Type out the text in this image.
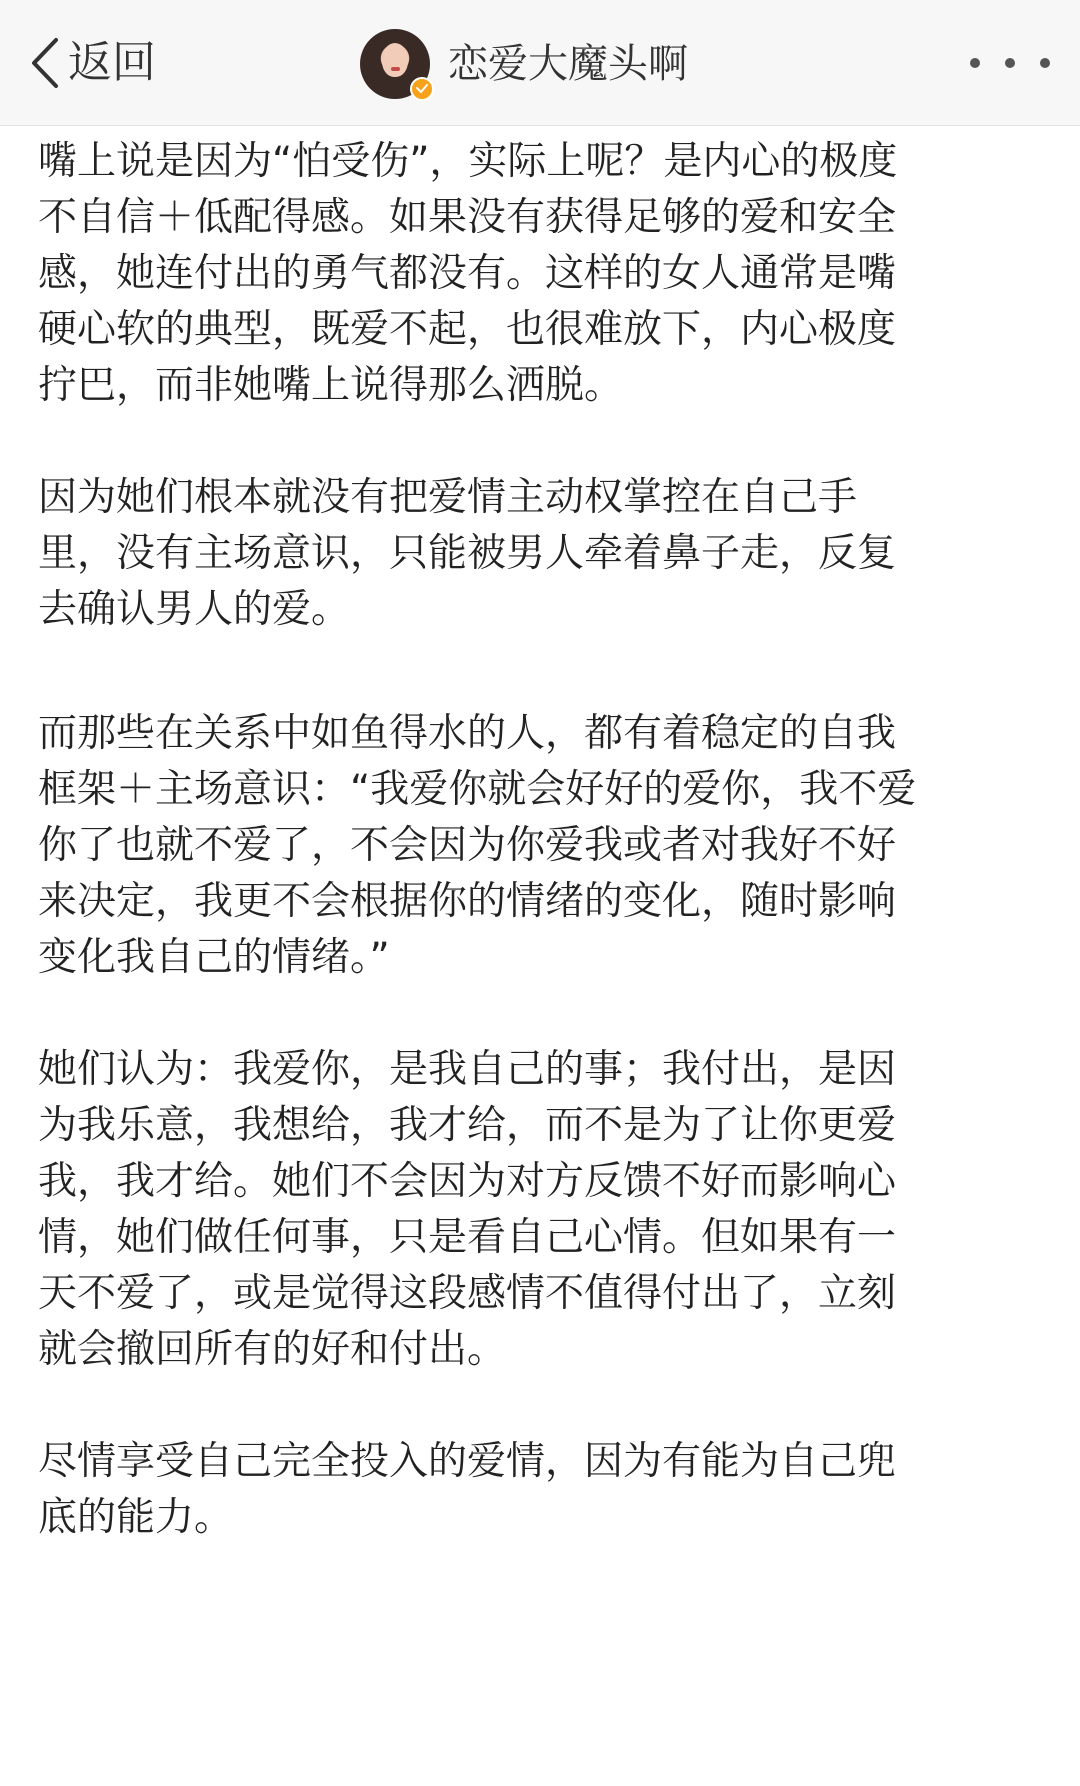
返回	恋爱大魔头啊

嘴上说是因为“怕受伤”，实际上呢？是内心的极度
不自信＋低配得感。如果没有获得足够的爱和安全
感，她连付出的勇气都没有。这样的女人通常是嘴
硬心软的典型，既爱不起，也很难放下，内心极度
拧巴，而非她嘴上说得那么洒脱。

因为她们根本就没有把爱情主动权掌控在自己手
里，没有主场意识，只能被男人牵着鼻子走，反复
去确认男人的爱。

而那些在关系中如鱼得水的人，都有着稳定的自我
框架＋主场意识：“我爱你就会好好的爱你，我不爱
你了也就不爱了，不会因为你爱我或者对我好不好
来决定，我更不会根据你的情绪的变化，随时影响
变化我自己的情绪。”

她们认为：我爱你，是我自己的事；我付出，是因
为我乐意，我想给，我才给，而不是为了让你更爱
我，我才给。她们不会因为对方反馈不好而影响心
情，她们做任何事，只是看自己心情。但如果有一
天不爱了，或是觉得这段感情不值得付出了，立刻
就会撤回所有的好和付出。

尽情享受自己完全投入的爱情，因为有能为自己兜
底的能力。
